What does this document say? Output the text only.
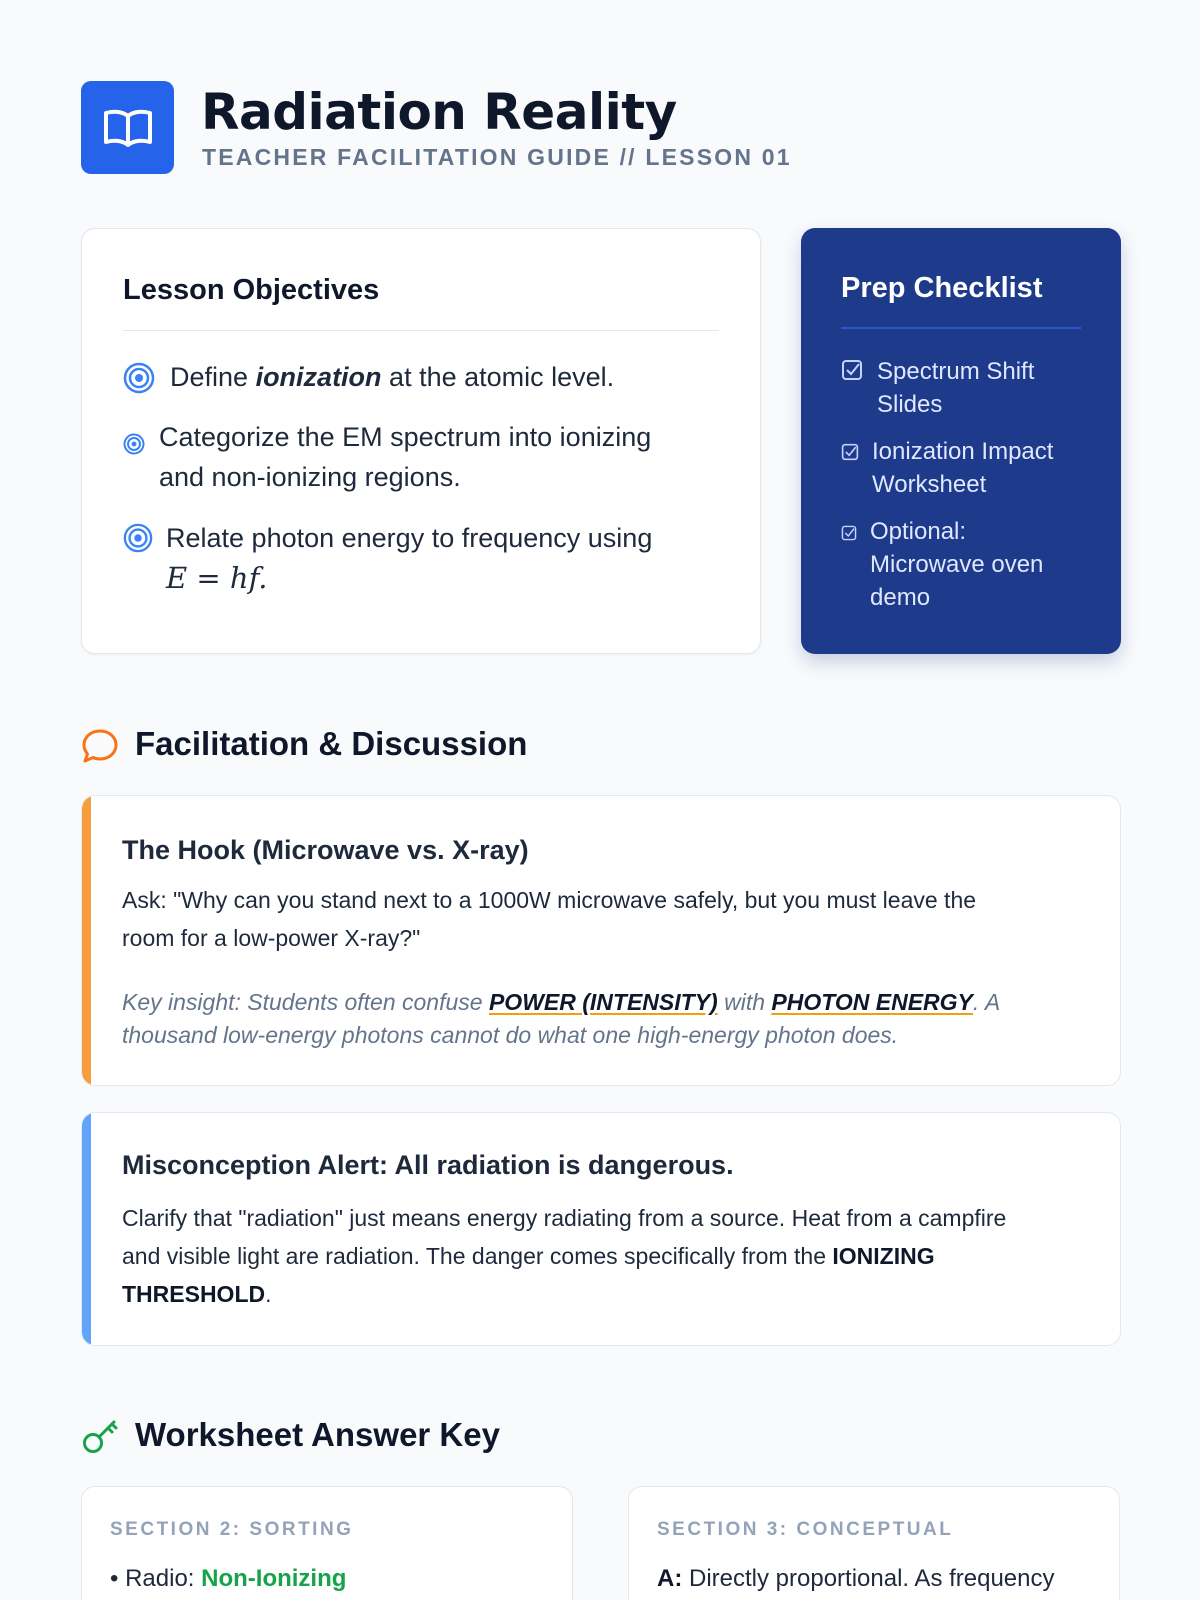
Radiation Reality
TEACHER FACILITATION GUIDE // LESSON 01
Lesson Objectives
Define ionization at the atomic level.
Categorize the EM spectrum into ionizing
and non-ionizing regions.
Relate photon energy to frequency using
E = hf.
Prep Checklist
Spectrum Shift
Slides
Ionization Impact
Worksheet
Optional:
Microwave oven
demo
Facilitation & Discussion
The Hook (Microwave vs. X-ray)
Ask: "Why can you stand next to a 1000W microwave safely, but you must leave the
room for a low-power X-ray?"
Key insight: Students often confuse POWER (INTENSITY) with PHOTON ENERGY. A
thousand low-energy photons cannot do what one high-energy photon does.
Misconception Alert: All radiation is dangerous.
Clarify that "radiation" just means energy radiating from a source. Heat from a campfire
and visible light are radiation. The danger comes specifically from the IONIZING
THRESHOLD.
Worksheet Answer Key
SECTION 2: SORTING
• Radio: Non-Ionizing
SECTION 3: CONCEPTUAL
A: Directly proportional. As frequency
